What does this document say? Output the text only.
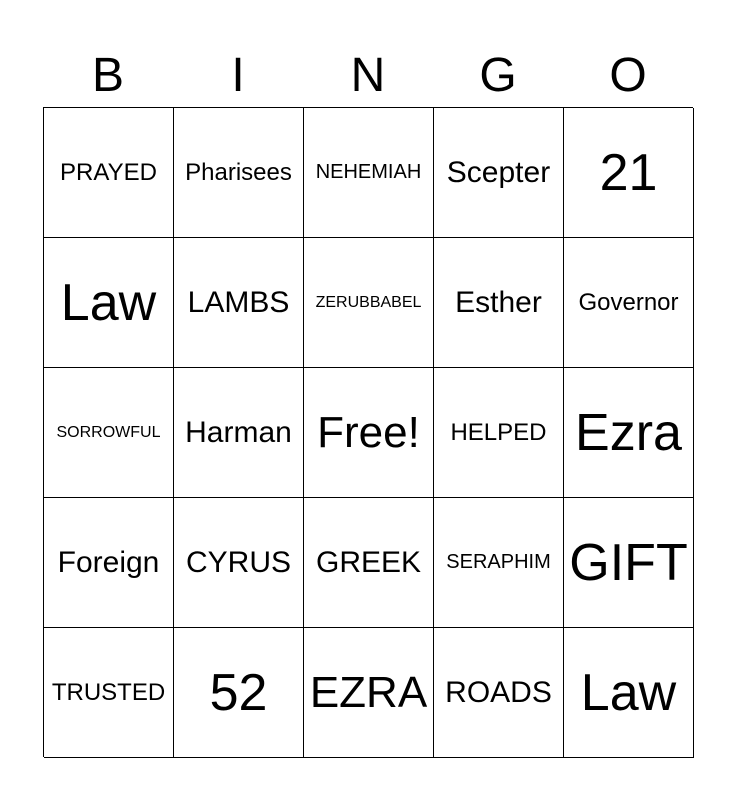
B	I	N	G	O
PRAYED Pharisees NEHEMIAH Scepter 21
Law LAMBS ZERUBBABEL Esther Governor
SORROWFUL Harman Free! HELPED Ezra
Foreign CYRUS GREEK SERAPHIM GIFT
TRUSTED 52 EZRA ROADS Law
